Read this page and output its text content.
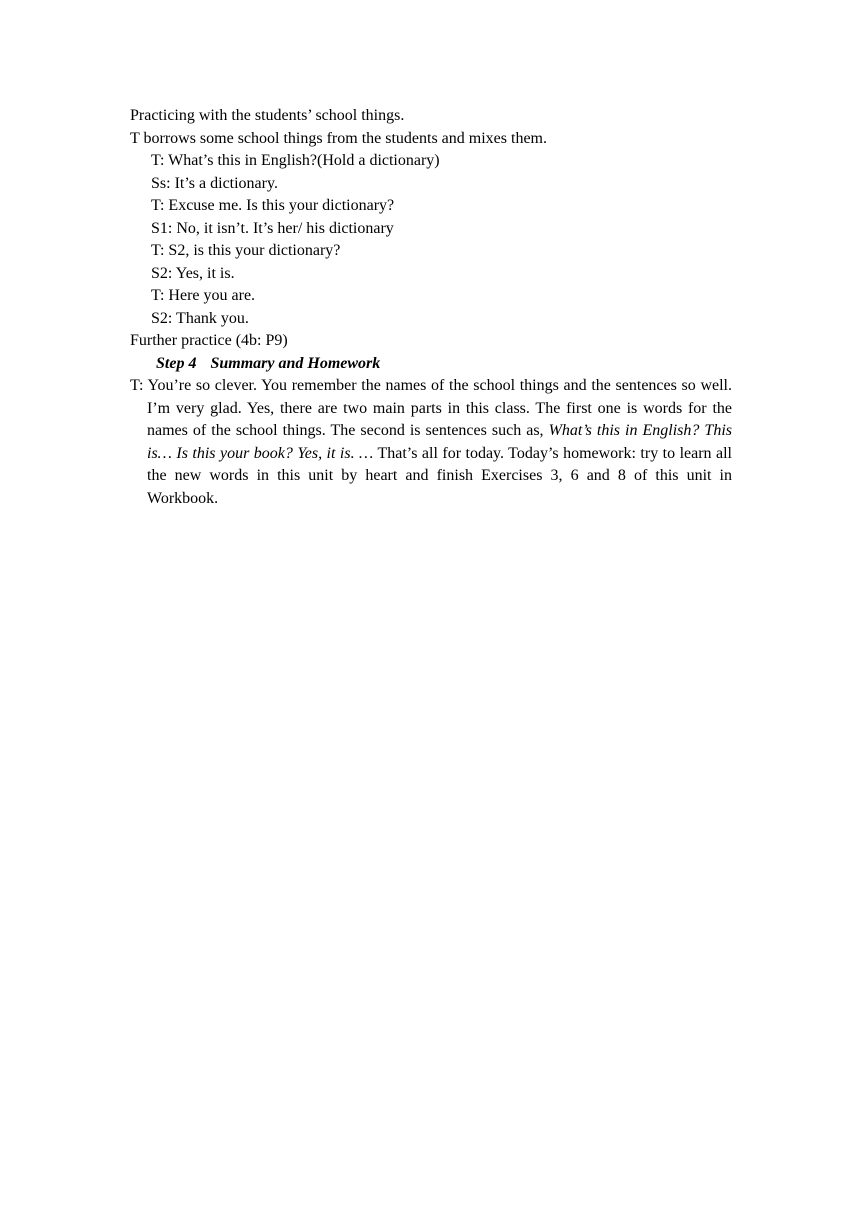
Practicing with the students’ school things.
T borrows some school things from the students and mixes them.
T: What’s this in English?(Hold a dictionary)
Ss: It’s a dictionary.
T: Excuse me. Is this your dictionary?
S1: No, it isn’t. It’s her/ his dictionary
T: S2, is this your dictionary?
S2: Yes, it is.
T: Here you are.
S2: Thank you.
Further practice (4b: P9)
Step 4 Summary and Homework
T: You’re so clever. You remember the names of the school things and the sentences so well. I’m very glad. Yes, there are two main parts in this class. The first one is words for the names of the school things. The second is sentences such as, What’s this in English? This is… Is this your book? Yes, it is. … That’s all for today. Today’s homework: try to learn all the new words in this unit by heart and finish Exercises 3, 6 and 8 of this unit in Workbook.
